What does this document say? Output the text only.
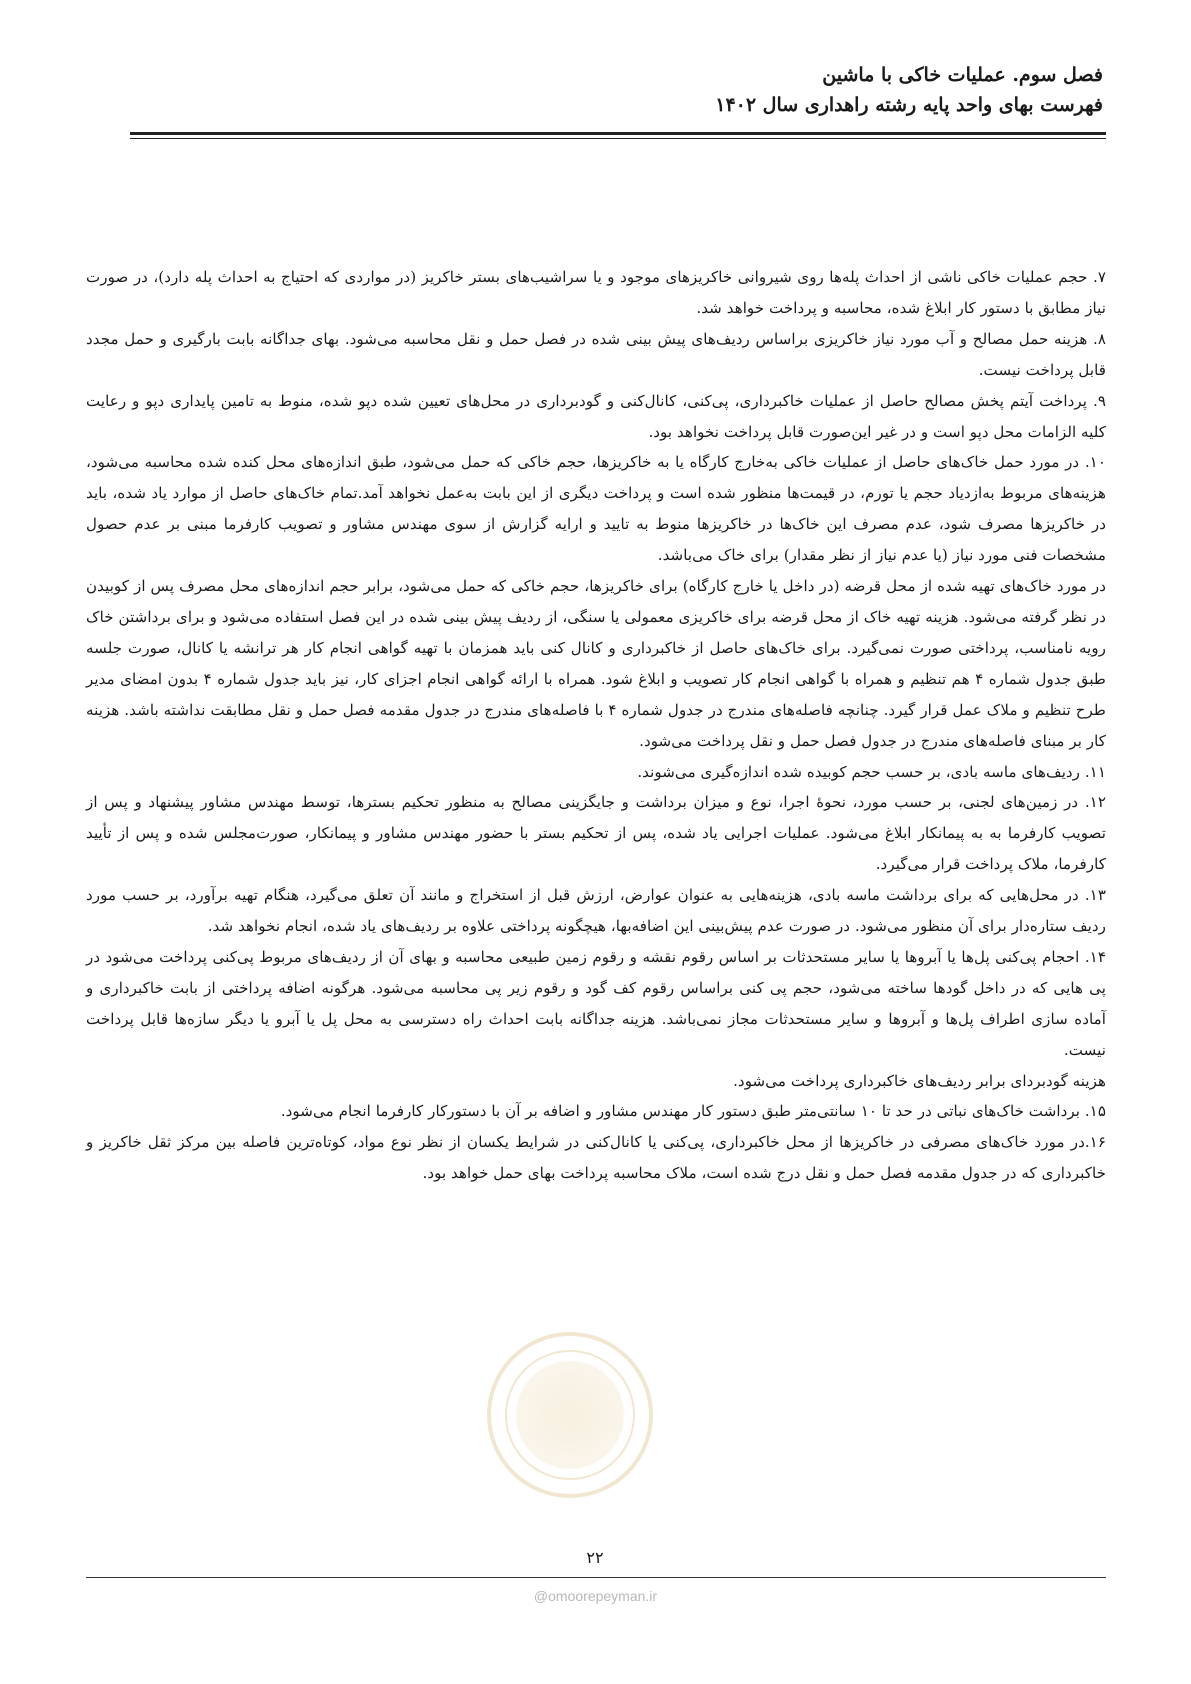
فصل سوم. عملیات خاکی با ماشین
فهرست بهای واحد پایه رشته راهداری سال ۱۴۰۲

۷. حجم عملیات خاکی ناشی از احداث پله‌ها روی شیروانی خاکریزهای موجود و یا سراشیب‌های بستر خاکریز (در مواردی که احتیاج به احداث پله دارد)، در صورت نیاز مطابق با دستور کار ابلاغ شده، محاسبه و پرداخت خواهد شد.

۸. هزینه حمل مصالح و آب مورد نیاز خاکریزی براساس ردیف‌های پیش بینی شده در فصل حمل و نقل محاسبه می‌شود. بهای جداگانه بابت بارگیری و حمل مجدد قابل پرداخت نیست.

۹. پرداخت آیتم پخش مصالح حاصل از عملیات خاکبرداری، پی‌کنی، کانال‌کنی و گودبرداری در محل‌های تعیین شده دپو شده، منوط به تامین پایداری دپو و رعایت کلیه الزامات محل دپو است و در غیر این‌صورت قابل پرداخت نخواهد بود.

۱۰. در مورد حمل خاک‌های حاصل از عملیات خاکی به‌خارج کارگاه یا به خاکریزها، حجم خاکی که حمل می‌شود، طبق اندازه‌های محل کنده شده محاسبه می‌شود، هزینه‌های مربوط به‌ازدیاد حجم یا تورم، در قیمت‌ها منظور شده است و پرداخت دیگری از این بابت به‌عمل نخواهد آمد.تمام خاک‌های حاصل از موارد یاد شده، باید در خاکریزها مصرف شود، عدم مصرف این خاک‌ها در خاکریزها منوط به تایید و ارایه گزارش از سوی مهندس مشاور و تصویب کارفرما مبنی بر عدم حصول مشخصات فنی مورد نیاز (یا عدم نیاز از نظر مقدار) برای خاک می‌باشد.

در مورد خاک‌های تهیه شده از محل قرضه (در داخل یا خارج کارگاه) برای خاکریزها، حجم خاکی که حمل می‌شود، برابر حجم اندازه‌های محل مصرف پس از کوبیدن در نظر گرفته می‌شود. هزینه تهیه خاک از محل قرضه برای خاکریزی معمولی یا سنگی، از ردیف پیش بینی شده در این فصل استفاده می‌شود و برای برداشتن خاک رویه نامناسب، پرداختی صورت نمی‌گیرد. برای خاک‌های حاصل از خاکبرداری و کانال کنی باید همزمان با تهیه گواهی انجام کار هر ترانشه یا کانال، صورت جلسه طبق جدول شماره ۴ هم تنظیم و همراه با گواهی انجام کار تصویب و ابلاغ شود. همراه با ارائه گواهی انجام اجزای کار، نیز باید جدول شماره ۴ بدون امضای مدیر طرح تنظیم و ملاک عمل قرار گیرد. چنانچه فاصله‌های مندرج در جدول شماره ۴ با فاصله‌های مندرج در جدول مقدمه فصل حمل و نقل مطابقت نداشته باشد. هزینه کار بر مبنای فاصله‌های مندرج در جدول فصل حمل و نقل پرداخت می‌شود.

۱۱. ردیف‌های ماسه بادی، بر حسب حجم کوبیده شده اندازه‌گیری می‌شوند.

۱۲. در زمین‌های لجنی، بر حسب مورد، نحوهٔ اجرا، نوع و میزان برداشت و جایگزینی مصالح به منظور تحکیم بسترها، توسط مهندس مشاور پیشنهاد و پس از تصویب کارفرما به به پیمانکار ابلاغ می‌شود. عملیات اجرایی یاد شده، پس از تحکیم بستر با حضور مهندس مشاور و پیمانکار، صورت‌مجلس شده و پس از تأیید کارفرما، ملاک پرداخت قرار می‌گیرد.

۱۳. در محل‌هایی که برای برداشت ماسه بادی، هزینه‌هایی به عنوان عوارض، ارزش قبل از استخراج و مانند آن تعلق می‌گیرد، هنگام تهیه برآورد، بر حسب مورد ردیف ستاره‌دار برای آن منظور می‌شود. در صورت عدم پیش‌بینی این اضافه‌بها، هیچگونه پرداختی علاوه بر ردیف‌های یاد شده، انجام نخواهد شد.

۱۴. احجام پی‌کنی پل‌ها یا آبروها یا سایر مستحدثات بر اساس رقوم نقشه و رقوم زمین طبیعی محاسبه و بهای آن از ردیف‌های مربوط پی‌کنی پرداخت می‌شود در پی هایی که در داخل گودها ساخته می‌شود، حجم پی کنی براساس رقوم کف گود و رقوم زیر پی محاسبه می‌شود. هرگونه اضافه پرداختی از بابت خاکبرداری و آماده سازی اطراف پل‌ها و آبروها و سایر مستحدثات مجاز نمی‌باشد. هزینه جداگانه بابت احداث راه دسترسی به محل پل یا آبرو یا دیگر سازه‌ها قابل پرداخت نیست.

هزینه گودبردای برابر ردیف‌های خاکبرداری پرداخت می‌شود.

۱۵. برداشت خاک‌های نباتی در حد تا ۱۰ سانتی‌متر طبق دستور کار مهندس مشاور و اضافه بر آن با دستورکار کارفرما انجام می‌شود.

۱۶.در مورد خاک‌های مصرفی در خاکریزها از محل خاکبرداری، پی‌کنی یا کانال‌کنی در شرایط یکسان از نظر نوع مواد، کوتاه‌ترین فاصله بین مرکز ثقل خاکریز و خاکبرداری که در جدول مقدمه فصل حمل و نقل درج شده است، ملاک محاسبه پرداخت بهای حمل خواهد بود.

۲۲
@omoorepeyman.ir
